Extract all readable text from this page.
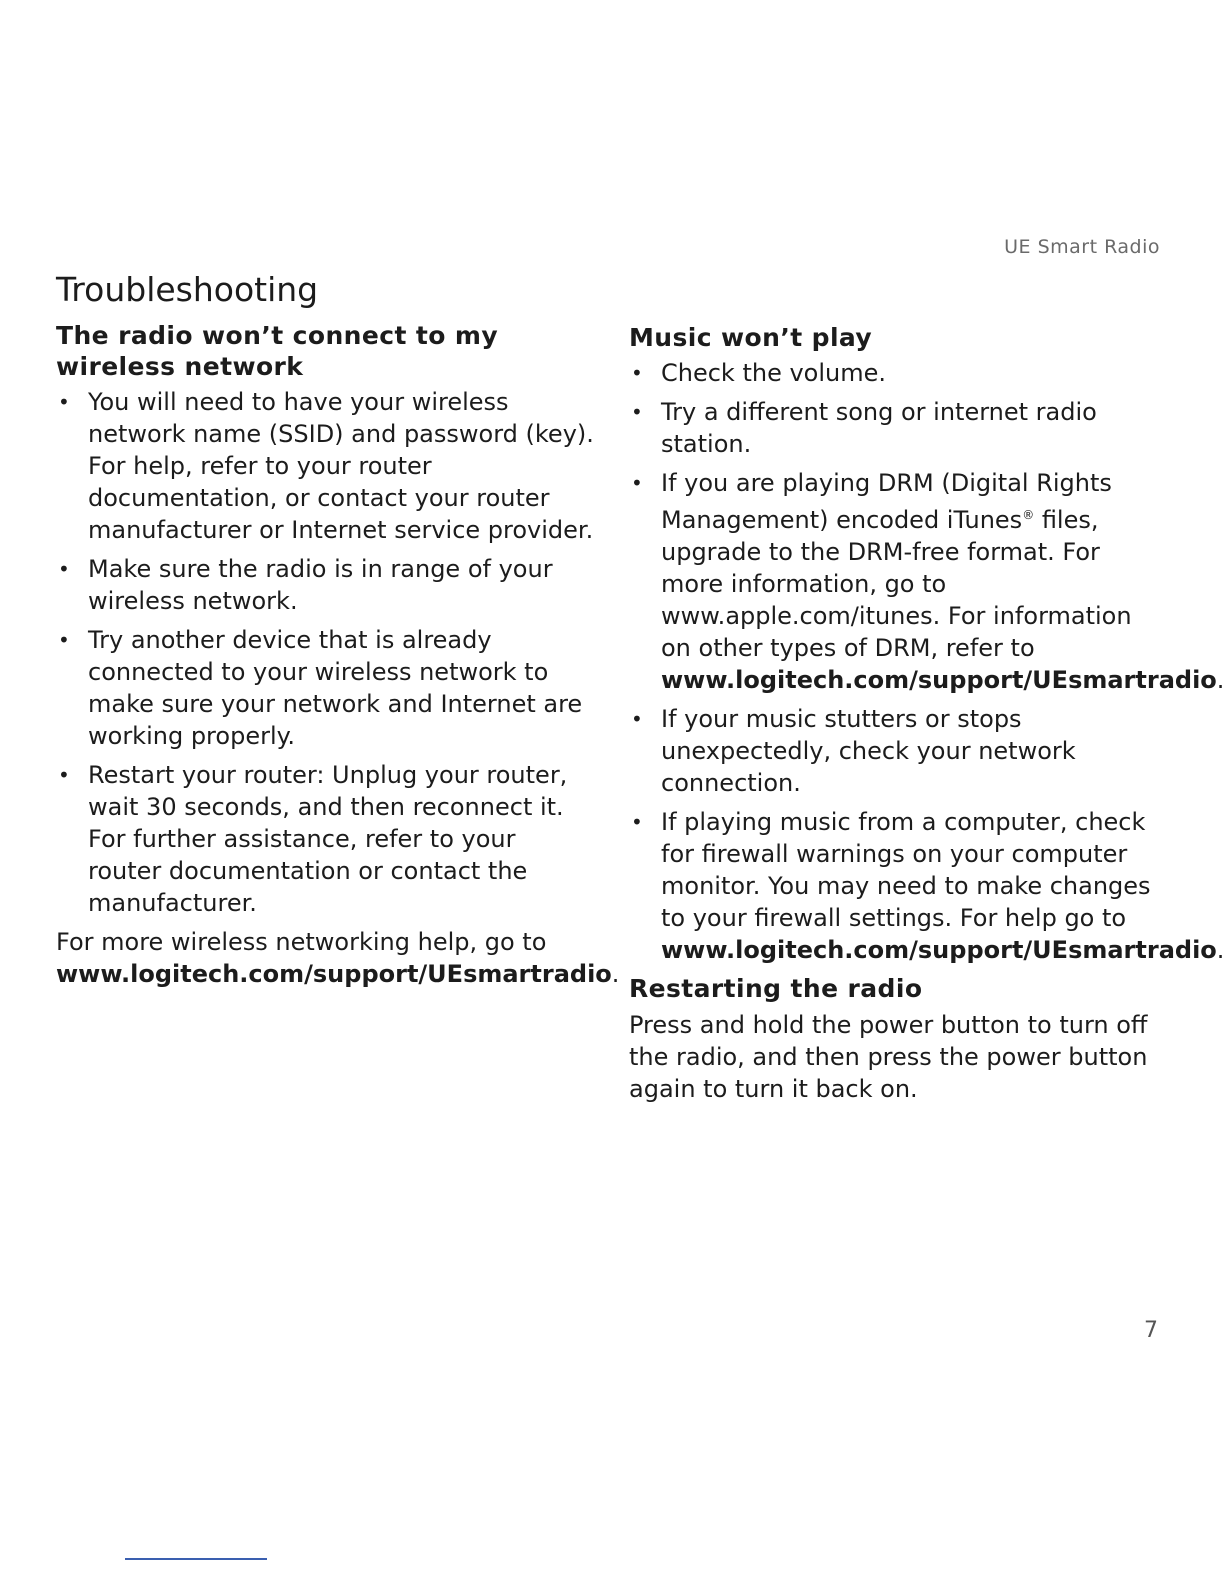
UE Smart Radio
Troubleshooting
The radio won’t connect to my wireless network
• You will need to have your wireless network name (SSID) and password (key). For help, refer to your router documentation, or contact your router manufacturer or Internet service provider.
• Make sure the radio is in range of your wireless network.
• Try another device that is already connected to your wireless network to make sure your network and Internet are working properly.
• Restart your router: Unplug your router, wait 30 seconds, and then reconnect it. For further assistance, refer to your router documentation or contact the manufacturer.

For more wireless networking help, go to
www.logitech.com/support/UEsmartradio.

Music won’t play
• Check the volume.
• Try a different song or internet radio station.
• If you are playing DRM (Digital Rights Management) encoded iTunes® files, upgrade to the DRM-free format. For more information, go to www.apple.com/itunes. For information on other types of DRM, refer to www.logitech.com/support/UEsmartradio.
• If your music stutters or stops unexpectedly, check your network connection.
• If playing music from a computer, check for firewall warnings on your computer monitor. You may need to make changes to your firewall settings. For help go to www.logitech.com/support/UEsmartradio.
Restarting the radio

Press and hold the power button to turn off the radio, and then press the power button again to turn it back on.

7
